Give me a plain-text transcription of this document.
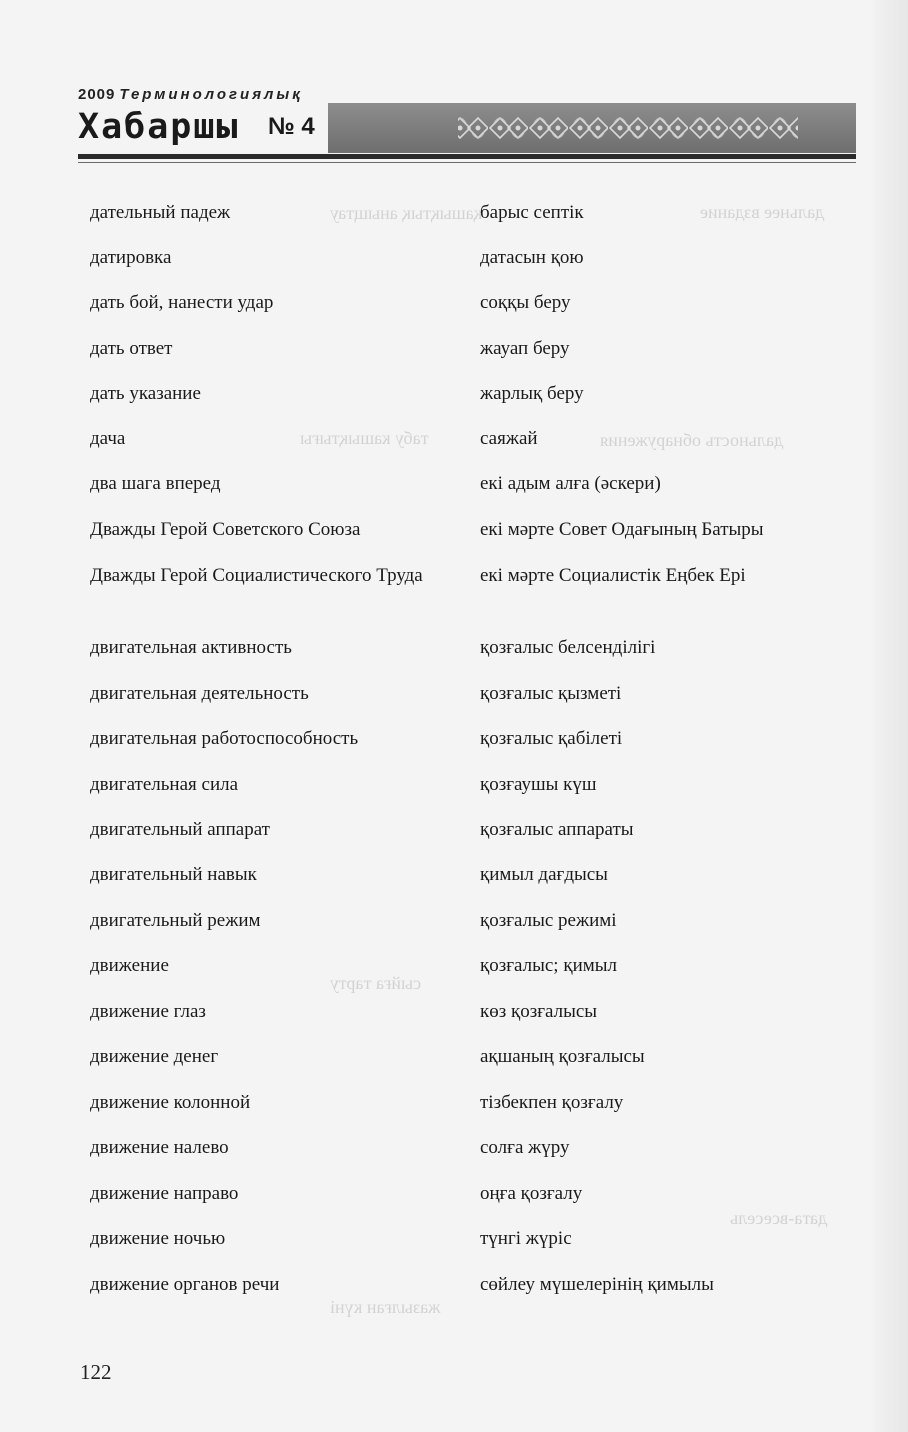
дальнее вздание
қашықтық аныщтау
табу кашықтығы	дальность обнаружения
сыйға тарту
дата-всесель
жазылған күні
2009 Терминологиялық
Хабаршы № 4
дательный падеж	барыс септік
датировка	датасын қою
дать бой, нанести удар	соққы беру
дать ответ	жауап беру
дать указание	жарлық беру
дача	саяжай
два шага вперед	екі адым алға (әскери)
Дважды Герой Советского Союза	екі мәрте Совет Одағының Батыры
Дважды Герой Социалистического Труда	екі мәрте Социалистік Еңбек Ері
двигательная активность	қозғалыс белсенділігі
двигательная деятельность	қозғалыс қызметі
двигательная работоспособность	қозғалыс қабілеті
двигательная сила	қозғаушы күш
двигательный аппарат	қозғалыс аппараты
двигательный навык	қимыл дағдысы
двигательный режим	қозғалыс режимі
движение	қозғалыс; қимыл
движение глаз	көз қозғалысы
движение денег	ақшаның қозғалысы
движение колонной	тізбекпен қозғалу
движение налево	солға жүру
движение направо	оңға қозғалу
движение ночью	түнгі жүріс
движение органов речи	сөйлеу мүшелерінің қимылы
122
